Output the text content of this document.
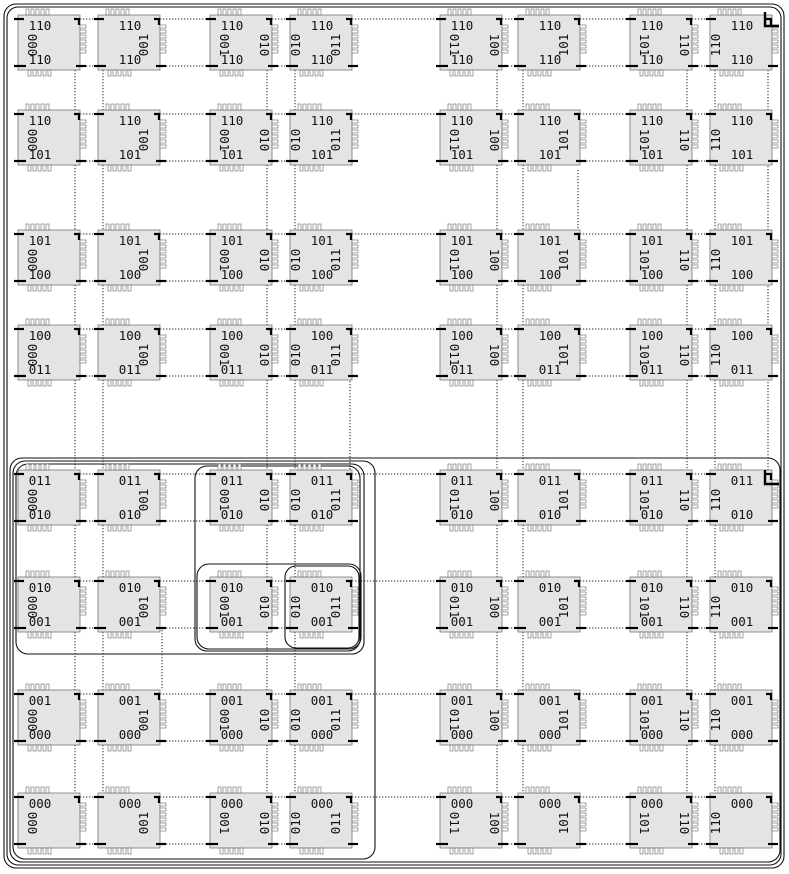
110
110
000
110
110
001
110
110
001 010
110
110
010 011
110
110
011 100
110
110
101
110
110
101 110
110
110
110
110
101
000
110
101
001
110
101
001 010
110
101
010 011
110
101
011 100
110
101
101
110
101
101 110
110
101
110
101
100
000
101
100
001
101
100
001 010
101
100
010 011
101
100
011 100
101
100
101
101
100
101 110
101
100
110
100
011
000
100
011
001
100
011
001 010
100
011
010 011
100
011
011 100
100
011
101
100
011
101 110
100
011
110
011
010
000
011
010
001
011
010
001 010
011
010
010 011
011
010
011 100
011
010
101
011
010
101 110
011
010
110
010
001
000
010
001
001
010
001
001 010
010
001
010 011
010
001
011 100
010
001
101
010
001
101 110
010
001
110
001
000
000
001
000
001
001
000
001 010
001
000
010 011
001
000
011 100
001
000
101
001
000
101 110
001
000
110
000
000
000
001
000
001 010
000
010 011
000
011 100
000
101
000
101 110
000
110
